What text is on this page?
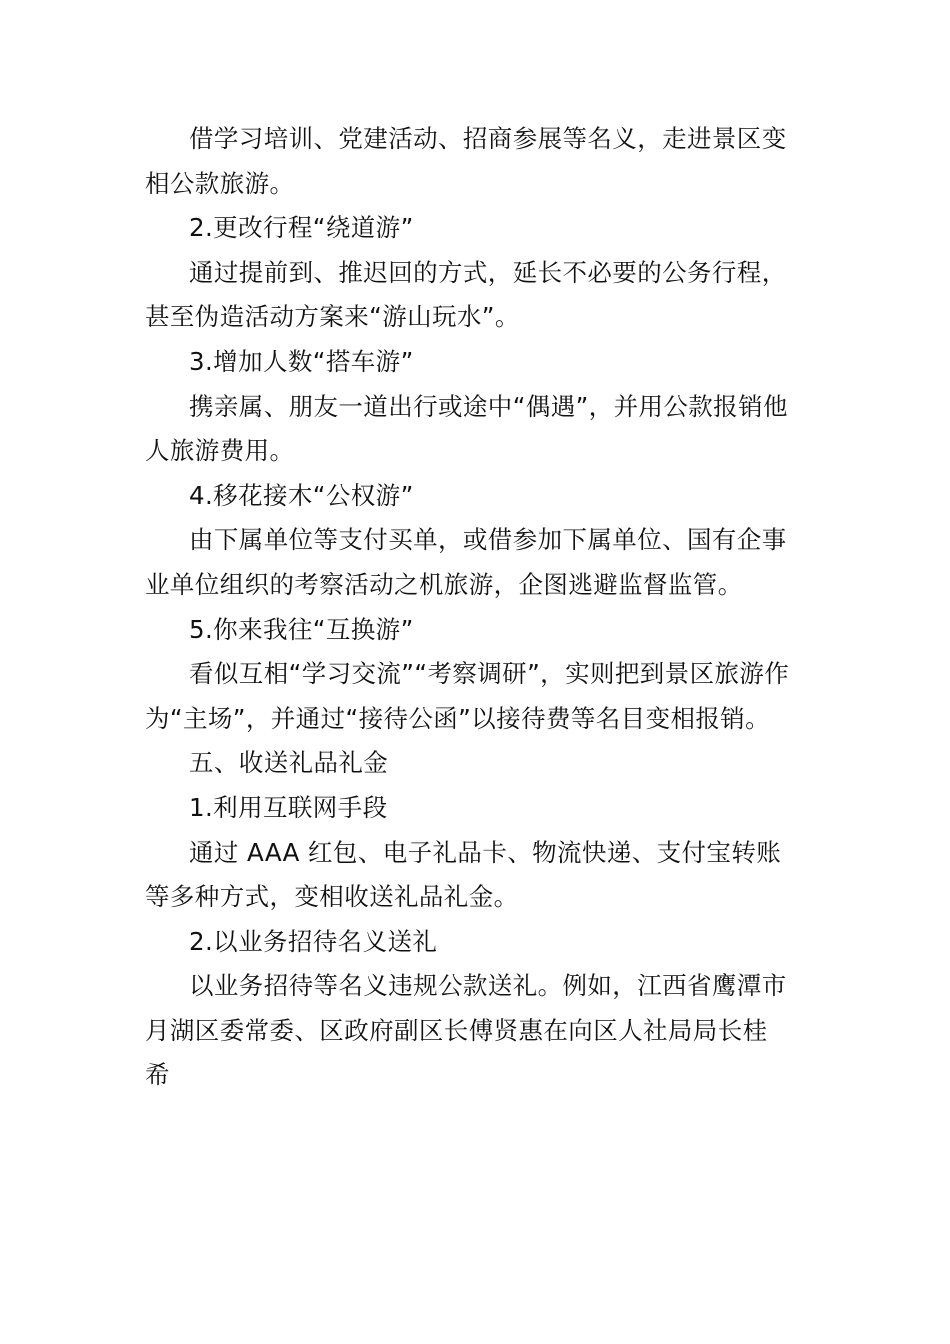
借学习培训、党建活动、招商参展等名义，走进景区变
相公款旅游。
2.更改行程“绕道游”
通过提前到、推迟回的方式，延长不必要的公务行程，
甚至伪造活动方案来“游山玩水”。
3.增加人数“搭车游”
携亲属、朋友一道出行或途中“偶遇”，并用公款报销他
人旅游费用。
4.移花接木“公权游”
由下属单位等支付买单，或借参加下属单位、国有企事
业单位组织的考察活动之机旅游，企图逃避监督监管。
5.你来我往“互换游”
看似互相“学习交流”“考察调研”，实则把到景区旅游作
为“主场”，并通过“接待公函”以接待费等名目变相报销。
五、收送礼品礼金
1.利用互联网手段
通过 AAA 红包、电子礼品卡、物流快递、支付宝转账
等多种方式，变相收送礼品礼金。
2.以业务招待名义送礼
以业务招待等名义违规公款送礼。例如，江西省鹰潭市
月湖区委常委、区政府副区长傅贤惠在向区人社局局长桂
希
